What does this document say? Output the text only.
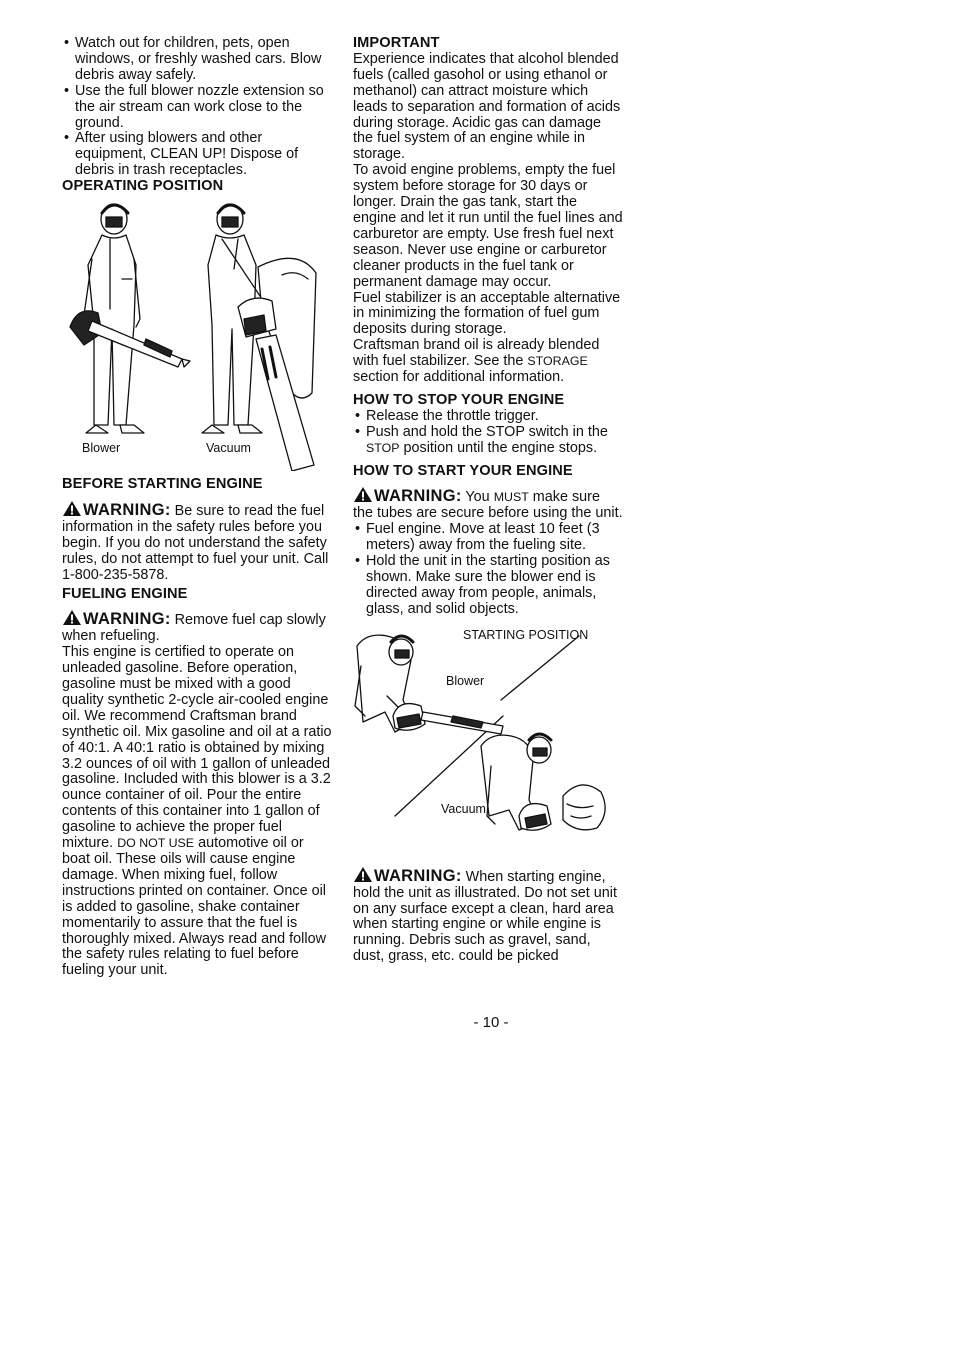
• Watch out for children, pets, open windows, or freshly washed cars. Blow debris away safely.
• Use the full blower nozzle extension so the air stream can work close to the ground.
• After using blowers and other equipment, CLEAN UP! Dispose of debris in trash receptacles.
OPERATING POSITION
Blower	Vacuum
BEFORE STARTING ENGINE

WARNING: Be sure to read the fuel information in the safety rules before you begin. If you do not understand the safety rules, do not attempt to fuel your unit. Call 1-800-235-5878.

FUELING ENGINE

WARNING: Remove fuel cap slowly when refueling.

This engine is certified to operate on unleaded gasoline. Before operation, gasoline must be mixed with a good quality synthetic 2-cycle air-cooled engine oil. We recommend Craftsman brand synthetic oil. Mix gasoline and oil at a ratio of 40:1. A 40:1 ratio is obtained by mixing 3.2 ounces of oil with 1 gallon of unleaded gasoline. Included with this blower is a 3.2 ounce container of oil. Pour the entire contents of this container into 1 gallon of gasoline to achieve the proper fuel mixture. DO NOT USE automotive oil or boat oil. These oils will cause engine damage. When mixing fuel, follow instructions printed on container. Once oil is added to gasoline, shake container momentarily to assure that the fuel is thoroughly mixed. Always read and follow the safety rules relating to fuel before fueling your unit.

IMPORTANT

Experience indicates that alcohol blended fuels (called gasohol or using ethanol or methanol) can attract moisture which leads to separation and formation of acids during storage. Acidic gas can damage the fuel system of an engine while in storage.

To avoid engine problems, empty the fuel system before storage for 30 days or longer. Drain the gas tank, start the engine and let it run until the fuel lines and carburetor are empty. Use fresh fuel next season. Never use engine or carburetor cleaner products in the fuel tank or permanent damage may occur.

Fuel stabilizer is an acceptable alternative in minimizing the formation of fuel gum deposits during storage.

Craftsman brand oil is already blended with fuel stabilizer. See the STORAGE section for additional information.

HOW TO STOP YOUR ENGINE
• Release the throttle trigger.
• Push and hold the STOP switch in the STOP position until the engine stops.
HOW TO START YOUR ENGINE

WARNING: You MUST make sure the tubes are secure before using the unit.

• Fuel engine. Move at least 10 feet (3 meters) away from the fueling site.
• Hold the unit in the starting position as shown. Make sure the blower end is directed away from people, animals, glass, and solid objects.
STARTING POSITION
Blower
Vacuum

WARNING: When starting engine, hold the unit as illustrated. Do not set unit on any surface except a clean, hard area when starting engine or while engine is running. Debris such as gravel, sand, dust, grass, etc. could be picked

- 10 -
